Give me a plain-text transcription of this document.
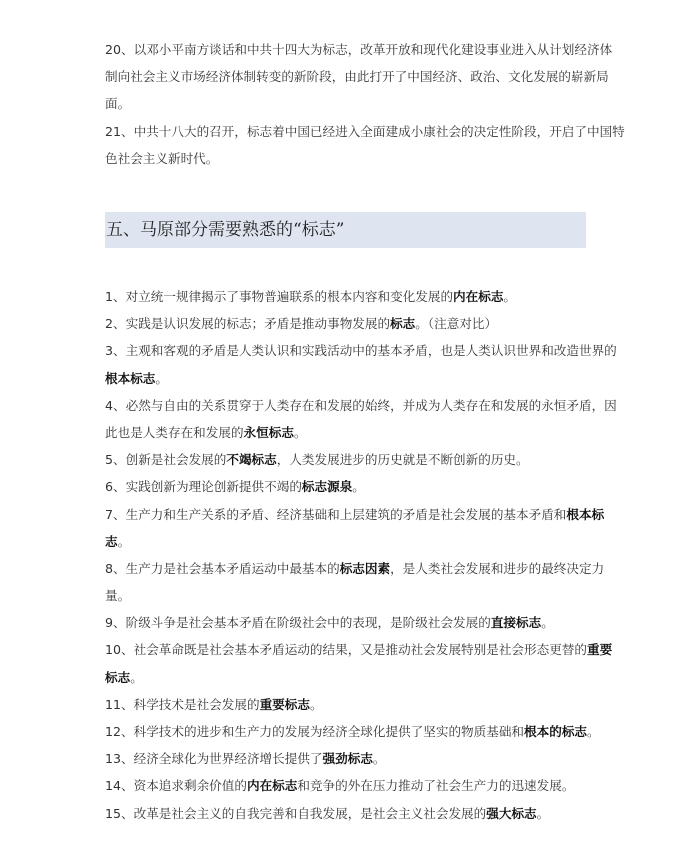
20、以邓小平南方谈话和中共十四大为标志，改革开放和现代化建设事业进入从计划经济体
制向社会主义市场经济体制转变的新阶段，由此打开了中国经济、政治、文化发展的崭新局
面。
21、中共十八大的召开，标志着中国已经进入全面建成小康社会的决定性阶段，开启了中国特
色社会主义新时代。
五、马原部分需要熟悉的“标志”
1、对立统一规律揭示了事物普遍联系的根本内容和变化发展的内在标志。
2、实践是认识发展的标志；矛盾是推动事物发展的标志。（注意对比）
3、主观和客观的矛盾是人类认识和实践活动中的基本矛盾，也是人类认识世界和改造世界的
根本标志。
4、必然与自由的关系贯穿于人类存在和发展的始终，并成为人类存在和发展的永恒矛盾，因
此也是人类存在和发展的永恒标志。
5、创新是社会发展的不竭标志，人类发展进步的历史就是不断创新的历史。
6、实践创新为理论创新提供不竭的标志源泉。
7、生产力和生产关系的矛盾、经济基础和上层建筑的矛盾是社会发展的基本矛盾和根本标
志。
8、生产力是社会基本矛盾运动中最基本的标志因素，是人类社会发展和进步的最终决定力
量。
9、阶级斗争是社会基本矛盾在阶级社会中的表现，是阶级社会发展的直接标志。
10、社会革命既是社会基本矛盾运动的结果，又是推动社会发展特别是社会形态更替的重要
标志。
11、科学技术是社会发展的重要标志。
12、科学技术的进步和生产力的发展为经济全球化提供了坚实的物质基础和根本的标志。
13、经济全球化为世界经济增长提供了强劲标志。
14、资本追求剩余价值的内在标志和竞争的外在压力推动了社会生产力的迅速发展。
15、改革是社会主义的自我完善和自我发展，是社会主义社会发展的强大标志。
